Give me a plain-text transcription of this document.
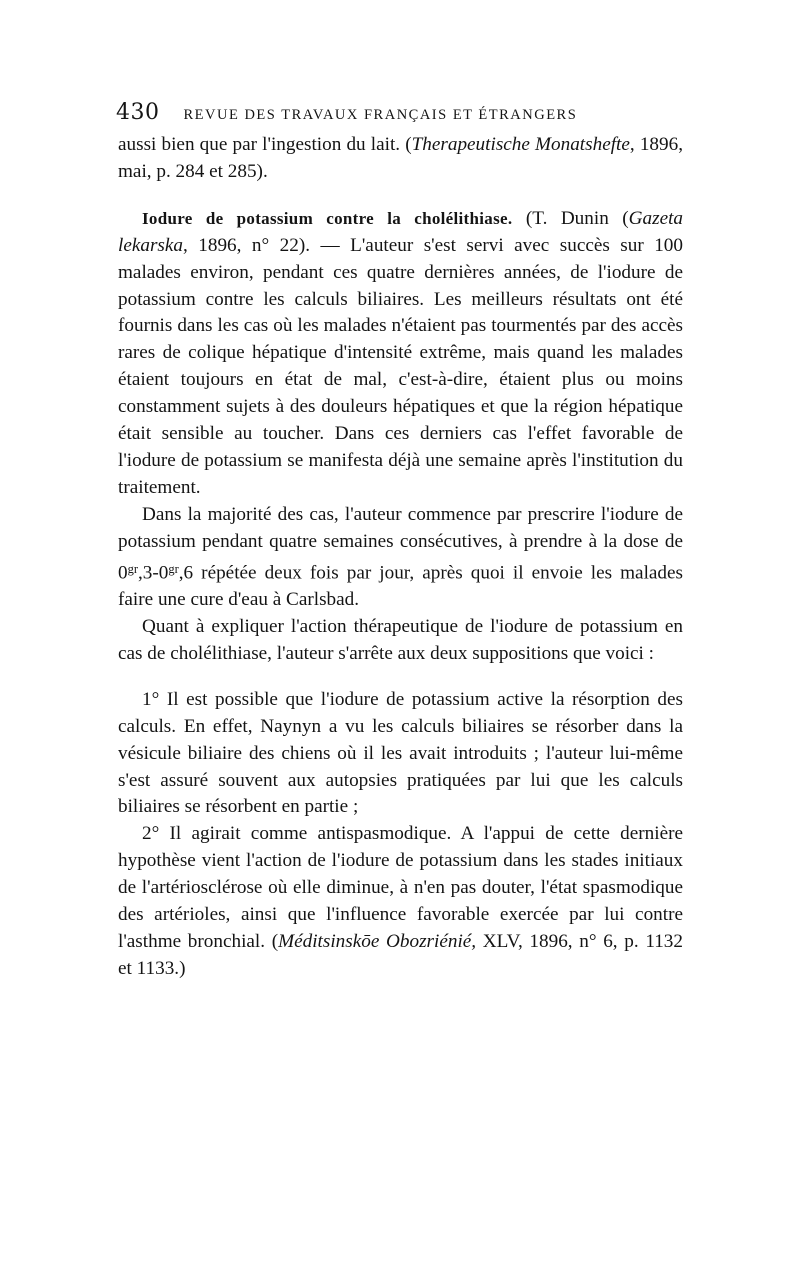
430 REVUE DES TRAVAUX FRANÇAIS ET ÉTRANGERS

aussi bien que par l'ingestion du lait. (Therapeutische Monatshefte, 1896, mai, p. 284 et 285).

Iodure de potassium contre la cholélithiase. (T. Dunin (Gazeta lekarska, 1896, n° 22). — L'auteur s'est servi avec succès sur 100 malades environ, pendant ces quatre dernières années, de l'iodure de potassium contre les calculs biliaires. Les meilleurs résultats ont été fournis dans les cas où les malades n'étaient pas tourmentés par des accès rares de colique hépatique d'intensité extrême, mais quand les malades étaient toujours en état de mal, c'est-à-dire, étaient plus ou moins constamment sujets à des douleurs hépatiques et que la région hépatique était sensible au toucher. Dans ces derniers cas l'effet favorable de l'iodure de potassium se manifesta déjà une semaine après l'institution du traitement.

Dans la majorité des cas, l'auteur commence par prescrire l'iodure de potassium pendant quatre semaines consécutives, à prendre à la dose de $0^{gr},3-0^{gr},6$ répétée deux fois par jour, après quoi il envoie les malades faire une cure d'eau à Carlsbad.

Quant à expliquer l'action thérapeutique de l'iodure de potassium en cas de cholélithiase, l'auteur s'arrête aux deux suppositions que voici :

1° Il est possible que l'iodure de potassium active la résorption des calculs. En effet, Naynyn a vu les calculs biliaires se résorber dans la vésicule biliaire des chiens où il les avait introduits ; l'auteur lui-même s'est assuré souvent aux autopsies pratiquées par lui que les calculs biliaires se résorbent en partie ;

2° Il agirait comme antispasmodique. A l'appui de cette dernière hypothèse vient l'action de l'iodure de potassium dans les stades initiaux de l'artériosclérose où elle diminue, à n'en pas douter, l'état spasmodique des artérioles, ainsi que l'influence favorable exercée par lui contre l'asthme bronchial. (Méditsinskōe Obozriénié, XLV, 1896, n° 6, p. 1132 et 1133.)
